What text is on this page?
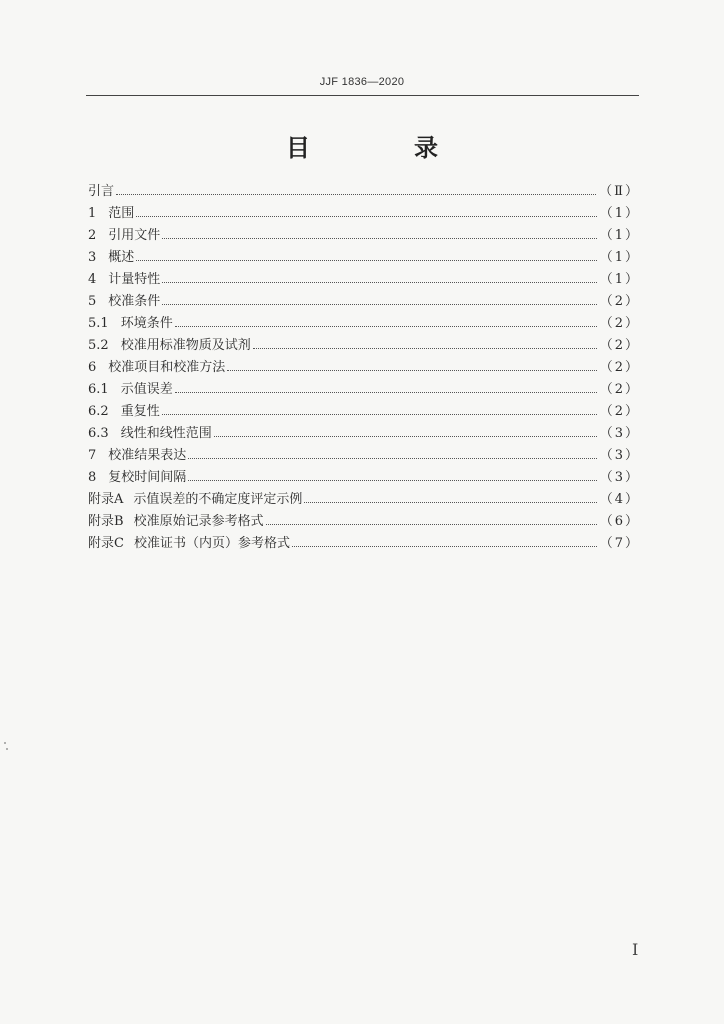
JJF 1836—2020
目　录
引言	（Ⅱ）
1 范围	（1）
2 引用文件	（1）
3 概述	（1）
4 计量特性	（1）
5 校准条件	（2）
5.1 环境条件	（2）
5.2 校准用标准物质及试剂	（2）
6 校准项目和校准方法	（2）
6.1 示值误差	（2）
6.2 重复性	（2）
6.3 线性和线性范围	（3）
7 校准结果表达	（3）
8 复校时间间隔	（3）
附录A 示值误差的不确定度评定示例	（4）
附录B 校准原始记录参考格式	（6）
附录C 校准证书（内页）参考格式	（7）
Ⅰ
